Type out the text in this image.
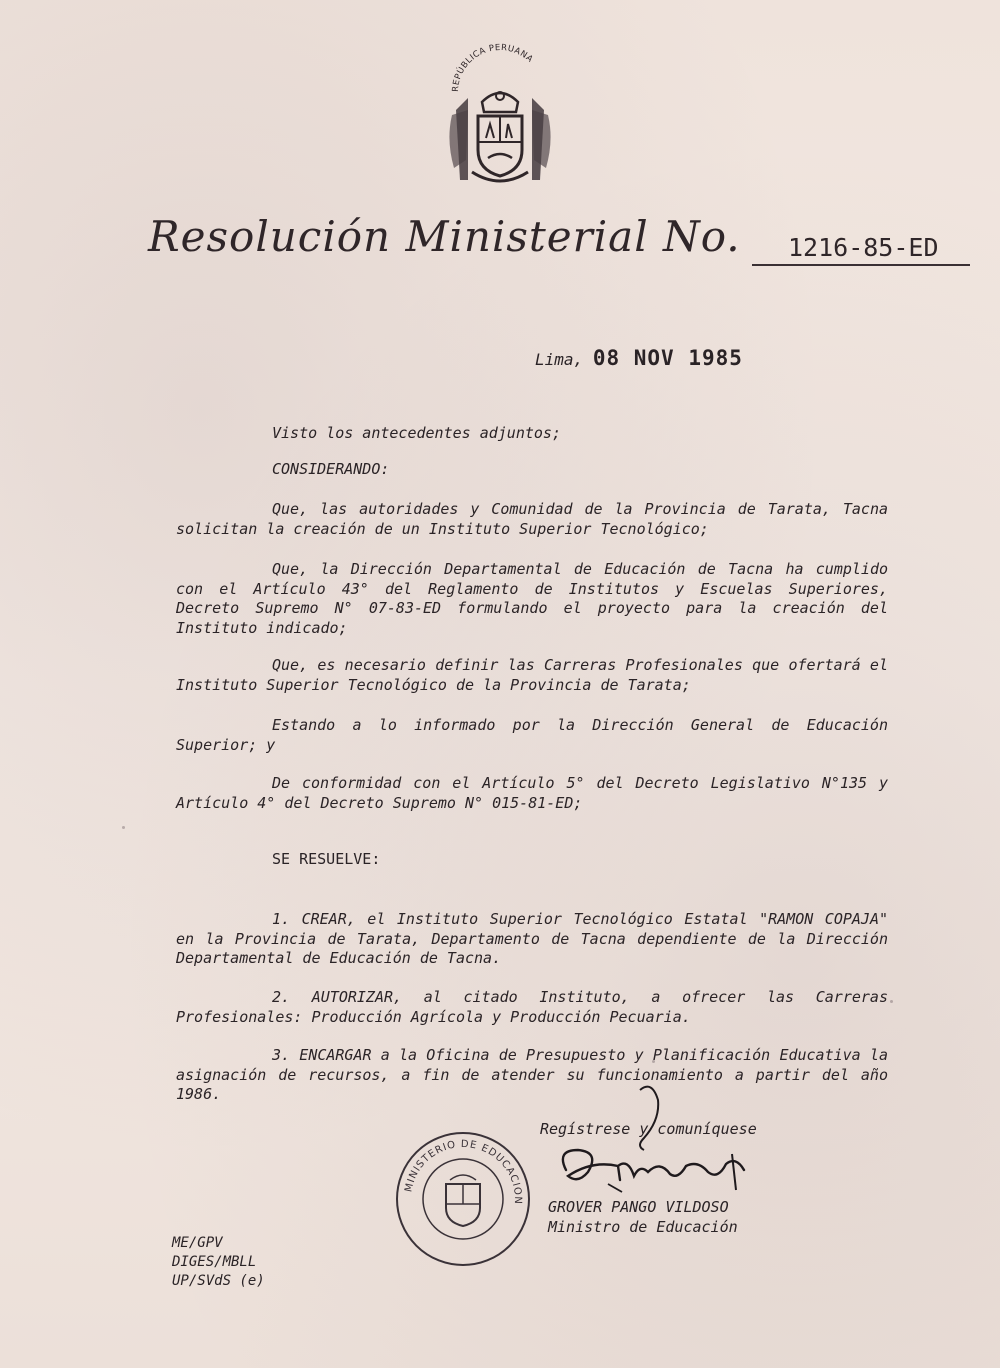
REPÚBLICA PERUANA
Resolución Ministerial No. 1216-85-ED
Lima, 08 NOV 1985
Visto los antecedentes adjuntos;
CONSIDERANDO:
Que, las autoridades y Comunidad de la Provincia de Tarata, Tacna solicitan la creación de un Instituto Superior Tecnológico;
Que, la Dirección Departamental de Educación de Tacna ha cumplido con el Artículo 43° del Reglamento de Institutos y Escuelas Superiores, Decreto Supremo N° 07-83-ED formulando el proyecto para la creación del Instituto indicado;
Que, es necesario definir las Carreras Profesionales que ofertará el Instituto Superior Tecnológico de la Provincia de Tarata;
Estando a lo informado por la Dirección General de Educación Superior; y
De conformidad con el Artículo 5° del Decreto Legislativo N°135 y Artículo 4° del Decreto Supremo N° 015-81-ED;
SE RESUELVE:
1. CREAR, el Instituto Superior Tecnológico Estatal "RAMON COPAJA" en la Provincia de Tarata, Departamento de Tacna dependiente de la Dirección Departamental de Educación de Tacna.
2. AUTORIZAR, al citado Instituto, a ofrecer las Carreras Profesionales: Producción Agrícola y Producción Pecuaria.
3. ENCARGAR a la Oficina de Presupuesto y Planificación Educativa la asignación de recursos, a fin de atender su funcionamiento a partir del año 1986.
Regístrese y comuníquese
MINISTERIO DE EDUCACION GROVER PANGO VILDOSO
Ministro de Educación
ME/GPV
DIGES/MBLL
UP/SVdS (e)
